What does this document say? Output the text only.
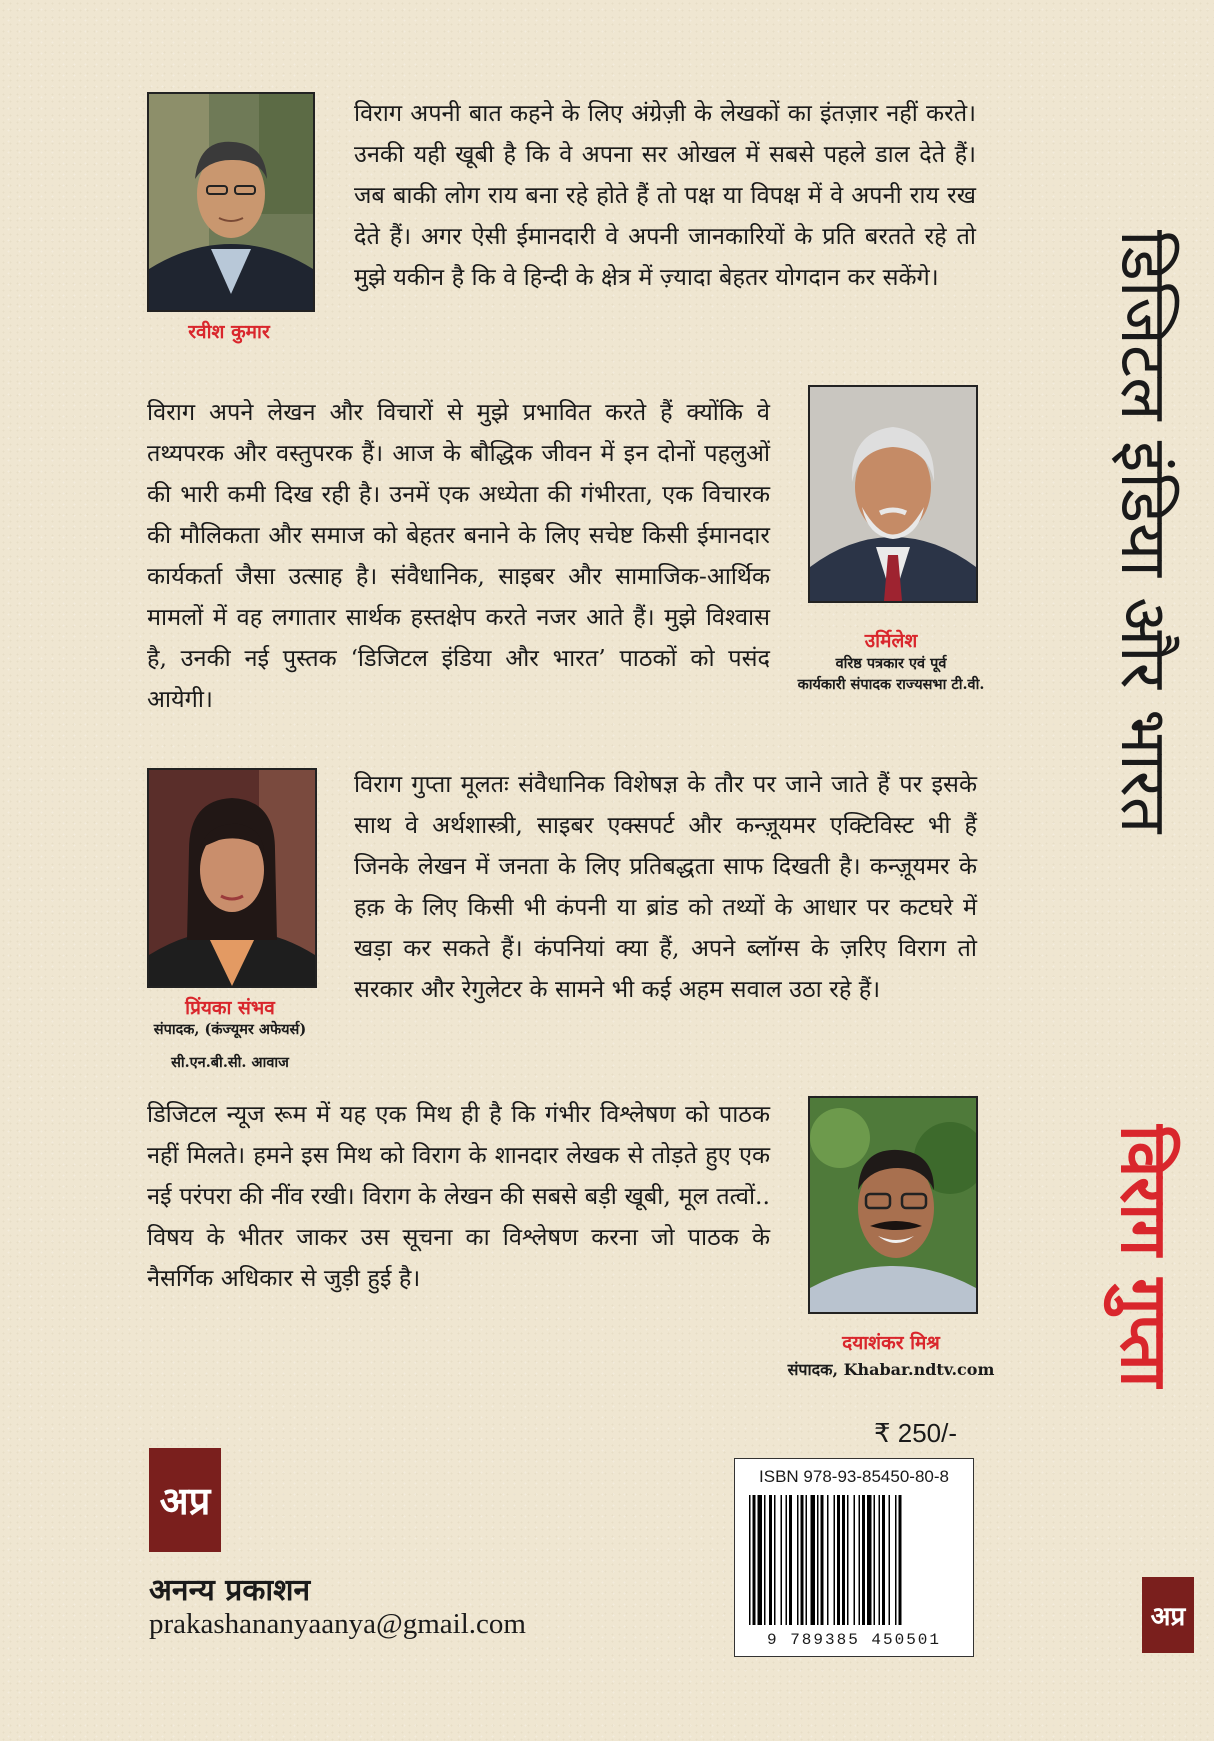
रवीश कुमार

विराग अपनी बात कहने के लिए अंग्रेज़ी के लेखकों का इंतज़ार नहीं करते। उनकी यही खूबी है कि वे अपना सर ओखल में सबसे पहले डाल देते हैं। जब बाकी लोग राय बना रहे होते हैं तो पक्ष या विपक्ष में वे अपनी राय रख देते हैं। अगर ऐसी ईमानदारी वे अपनी जानकारियों के प्रति बरतते रहे तो मुझे यकीन है कि वे हिन्दी के क्षेत्र में ज़्यादा बेहतर योगदान कर सकेंगे।

विराग अपने लेखन और विचारों से मुझे प्रभावित करते हैं क्योंकि वे तथ्यपरक और वस्तुपरक हैं। आज के बौद्धिक जीवन में इन दोनों पहलुओं की भारी कमी दिख रही है। उनमें एक अध्येता की गंभीरता, एक विचारक की मौलिकता और समाज को बेहतर बनाने के लिए सचेष्ट किसी ईमानदार कार्यकर्ता जैसा उत्साह है। संवैधानिक, साइबर और सामाजिक-आर्थिक मामलों में वह लगातार सार्थक हस्तक्षेप करते नजर आते हैं। मुझे विश्वास है, उनकी नई पुस्तक ‘डिजिटल इंडिया और भारत’ पाठकों को पसंद आयेगी।

उर्मिलेश
वरिष्ठ पत्रकार एवं पूर्व
कार्यकारी संपादक राज्यसभा टी.वी.
प्रिंयका संभव
संपादक, (कंज्यूमर अफेयर्स)
सी.एन.बी.सी. आवाज

विराग गुप्ता मूलतः संवैधानिक विशेषज्ञ के तौर पर जाने जाते हैं पर इसके साथ वे अर्थशास्त्री, साइबर एक्सपर्ट और कन्ज़ूयमर एक्टिविस्ट भी हैं जिनके लेखन में जनता के लिए प्रतिबद्धता साफ दिखती है। कन्ज़ूयमर के हक़ के लिए किसी भी कंपनी या ब्रांड को तथ्यों के आधार पर कटघरे में खड़ा कर सकते हैं। कंपनियां क्या हैं, अपने ब्लॉग्स के ज़रिए विराग तो सरकार और रेगुलेटर के सामने भी कई अहम सवाल उठा रहे हैं।

डिजिटल न्यूज रूम में यह एक मिथ ही है कि गंभीर विश्लेषण को पाठक नहीं मिलते। हमने इस मिथ को विराग के शानदार लेखक से तोड़ते हुए एक नई परंपरा की नींव रखी। विराग के लेखन की सबसे बड़ी खूबी, मूल तत्वों.. विषय के भीतर जाकर उस सूचना का विश्लेषण करना जो पाठक के नैसर्गिक अधिकार से जुड़ी हुई है।

दयाशंकर मिश्र
संपादक, Khabar.ndtv.com
डिजिटल इंडिया और भारत
विराग गुप्ता
₹ 250/-
ISBN 978-93-85450-80-8
9 789385 450501
अप्र
अनन्य प्रकाशन
prakashananyaanya@gmail.com	अप्र
